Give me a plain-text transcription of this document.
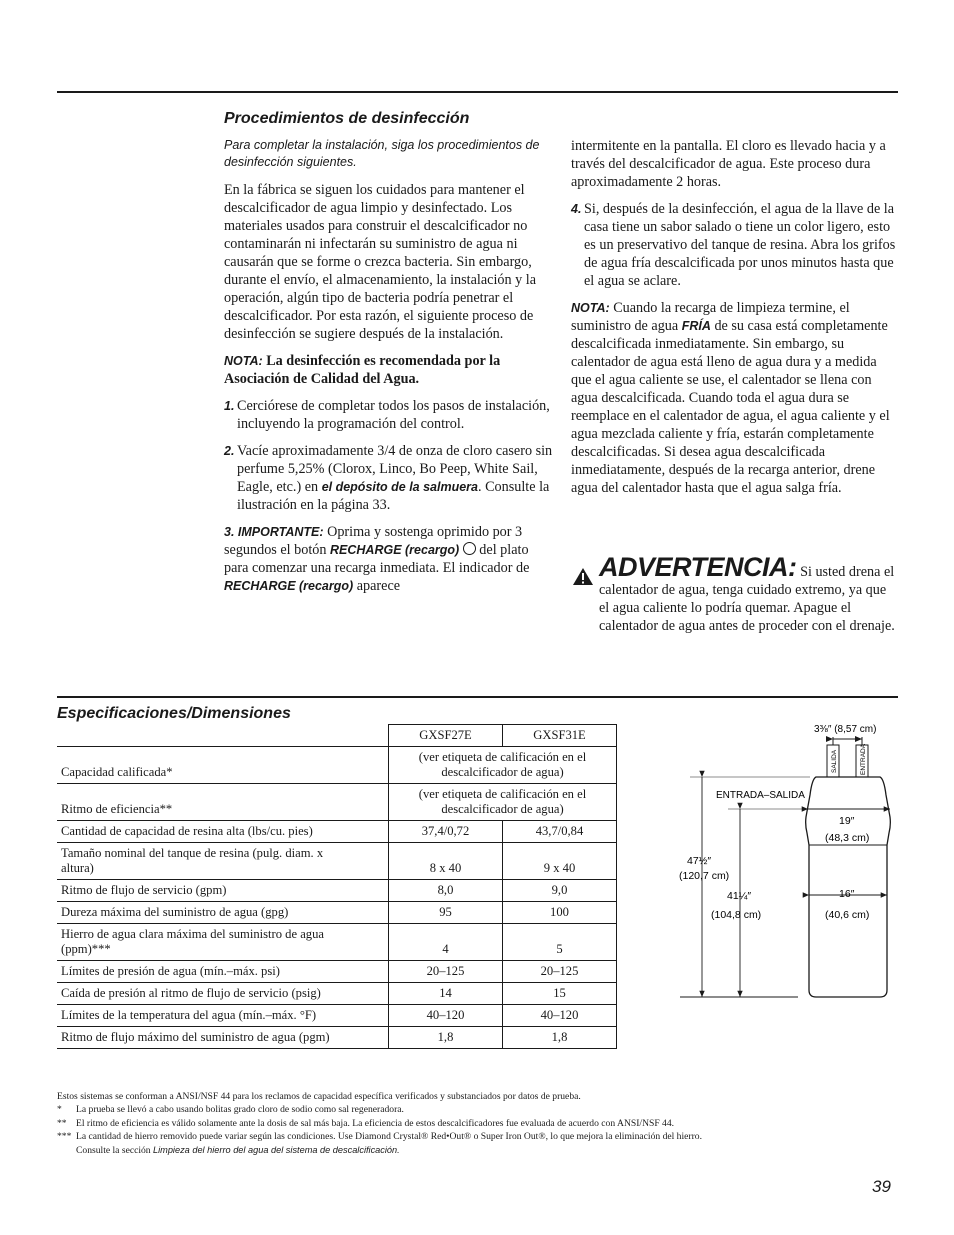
Procedimientos de desinfección
Para completar la instalación, siga los procedimientos de desinfección siguientes.

En la fábrica se siguen los cuidados para mantener el descalcificador de agua limpio y desinfectado. Los materiales usados para construir el descalcificador no contaminarán ni infectarán su suministro de agua ni causarán que se forme o crezca bacteria. Sin embargo, durante el envío, el almacenamiento, la instalación y la operación, algún tipo de bacteria podría penetrar el descalcificador. Por esta razón, el siguiente proceso de desinfección se sugiere después de la instalación.

NOTA: La desinfección es recomendada por la Asociación de Calidad del Agua.

1. Cerciórese de completar todos los pasos de instalación, incluyendo la programación del control.
2. Vacíe aproximadamente 3/4 de onza de cloro casero sin perfume 5,25% (Clorox, Linco, Bo Peep, White Sail, Eagle, etc.) en el depósito de la salmuera. Consulte la ilustración en la página 33.
3. IMPORTANTE: Oprima y sostenga oprimido por 3 segundos el botón RECHARGE (recargo) del plato para comenzar una recarga inmediata. El indicador de RECHARGE (recargo) aparece

intermitente en la pantalla. El cloro es llevado hacia y a través del descalcificador de agua. Este proceso dura aproximadamente 2 horas.

4. Si, después de la desinfección, el agua de la llave de la casa tiene un sabor salado o tiene un color ligero, esto es un preservativo del tanque de resina. Abra los grifos de agua fría descalcificada por unos minutos hasta que el agua se aclare.

NOTA: Cuando la recarga de limpieza termine, el suministro de agua FRÍA de su casa está completamente descalcificada inmediatamente. Sin embargo, su calentador de agua está lleno de agua dura y a medida que el agua caliente se use, el calentador se llena con agua descalcificada. Cuando toda el agua dura se reemplace en el calentador de agua, el agua caliente y el agua mezclada caliente y fría, estarán completamente descalcificadas. Si desea agua descalcificada inmediatamente, después de la recarga anterior, drene agua del calentador hasta que el agua salga fría.

ADVERTENCIA: Si usted drena el calentador de agua, tenga cuidado extremo, ya que el agua caliente lo podría quemar. Apague el calentador de agua antes de proceder con el drenaje.
Especificaciones/Dimensiones
	GXSF27E	GXSF31E
Capacidad calificada*	(ver etiqueta de calificación en el descalcificador de agua)	
Ritmo de eficiencia**	(ver etiqueta de calificación en el descalcificador de agua)	
Cantidad de capacidad de resina alta (lbs/cu. pies)	37,4/0,72	43,7/0,84
Tamaño nominal del tanque de resina (pulg. diam. x altura)	8 x 40	9 x 40
Ritmo de flujo de servicio (gpm)	8,0	9,0
Dureza máxima del suministro de agua (gpg)	95	100
Hierro de agua clara máxima del suministro de agua (ppm)***	4	5
Límites de presión de agua (mín.–máx. psi)	20–125	20–125
Caída de presión al ritmo de flujo de servicio (psig)	14	15
Límites de la temperatura del agua (mín.–máx. °F)	40–120	40–120
Ritmo de flujo máximo del suministro de agua (pgm)	1,8	1,8
Estos sistemas se conforman a ANSI/NSF 44 para los reclamos de capacidad específica verificados y substanciados por datos de prueba.
* La prueba se llevó a cabo usando bolitas grado cloro de sodio como sal regeneradora.
** El ritmo de eficiencia es válido solamente ante la dosis de sal más baja. La eficiencia de estos descalcificadores fue evaluada de acuerdo con ANSI/NSF 44.
*** La cantidad de hierro removido puede variar según las condiciones. Use Diamond Crystal® Red•Out® o Super Iron Out®, lo que mejora la eliminación del hierro. Consulte la sección Limpieza del hierro del agua del sistema de descalcificación.
3⅜″ (8,57 cm)
SALIDA	ENTRADA
ENTRADA–SALIDA
19″
(48,3 cm)
47½″
(120,7 cm)
41¼″
(104,8 cm)
16″
(40,6 cm)
39
